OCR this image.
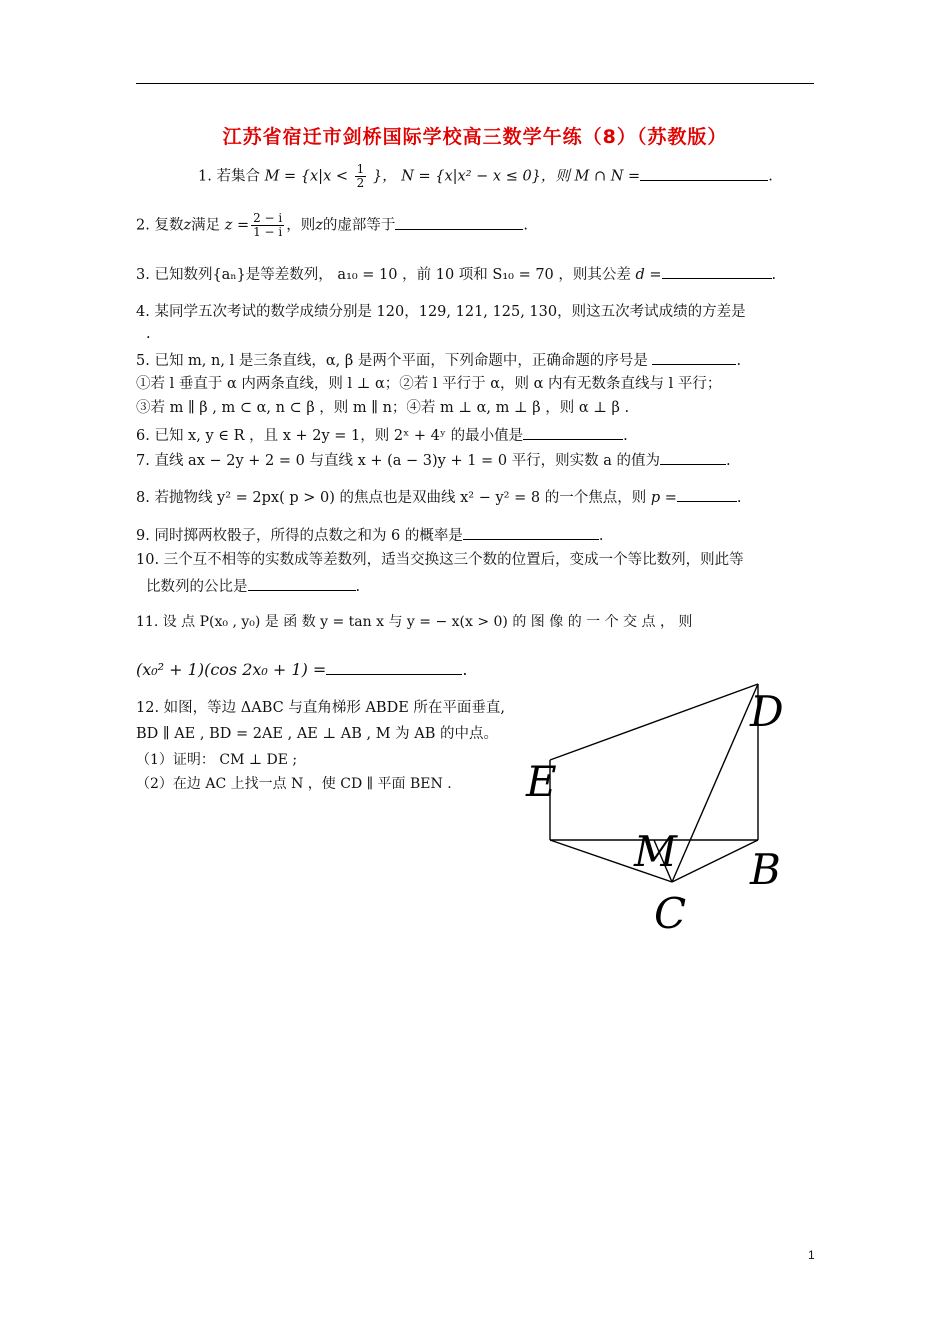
江苏省宿迁市剑桥国际学校高三数学午练（8）（苏教版）
1. 若集合 $M = \{x|x < \frac{1}{2}$ }， N = {x|x² − x ≤ 0}，则 M ∩ N =	.
2. 复数z满足 $z = \frac{2 - i}{1 - i}$ ，则z的虚部等于	.
3. 已知数列{aₙ}是等差数列， a₁₀ = 10 ，前 10 项和 S₁₀ = 70 ，则其公差 d =	.
4. 某同学五次考试的数学成绩分别是 120，129, 121, 125, 130，则这五次考试成绩的方差是
.
5. 已知 m, n, l 是三条直线，α, β 是两个平面，下列命题中，正确命题的序号是	.
①若 l 垂直于 α 内两条直线，则 l ⊥ α；②若 l 平行于 α，则 α 内有无数条直线与 l 平行；
③若 m ∥ β , m ⊂ α, n ⊂ β ，则 m ∥ n；④若 m ⊥ α, m ⊥ β ，则 α ⊥ β .
6. 已知 x, y ∈ R ，且 x + 2y = 1，则 2ˣ + 4ʸ 的最小值是	.
7. 直线 ax − 2y + 2 = 0 与直线 x + (a − 3)y + 1 = 0 平行，则实数 a 的值为	.
8. 若抛物线 y² = 2px( p > 0) 的焦点也是双曲线 x² − y² = 8 的一个焦点，则 p =	.
9. 同时掷两枚骰子，所得的点数之和为 6 的概率是	.
10. 三个互不相等的实数成等差数列，适当交换这三个数的位置后，变成一个等比数列，则此等
比数列的公比是	.
11. 设 点 P(x₀ , y₀) 是 函 数 y = tan x 与 y = − x(x > 0) 的 图 像 的 一 个 交 点 ， 则
(x₀² + 1)(cos 2x₀ + 1) =	.
12. 如图，等边 ΔABC 与直角梯形 ABDE 所在平面垂直,
BD ∥ AE , BD = 2AE , AE ⊥ AB , M 为 AB 的中点。
（1）证明： CM ⊥ DE ;
（2）在边 AC 上找一点 N ，使 CD ∥ 平面 BEN .
D
E
M B
C
1
